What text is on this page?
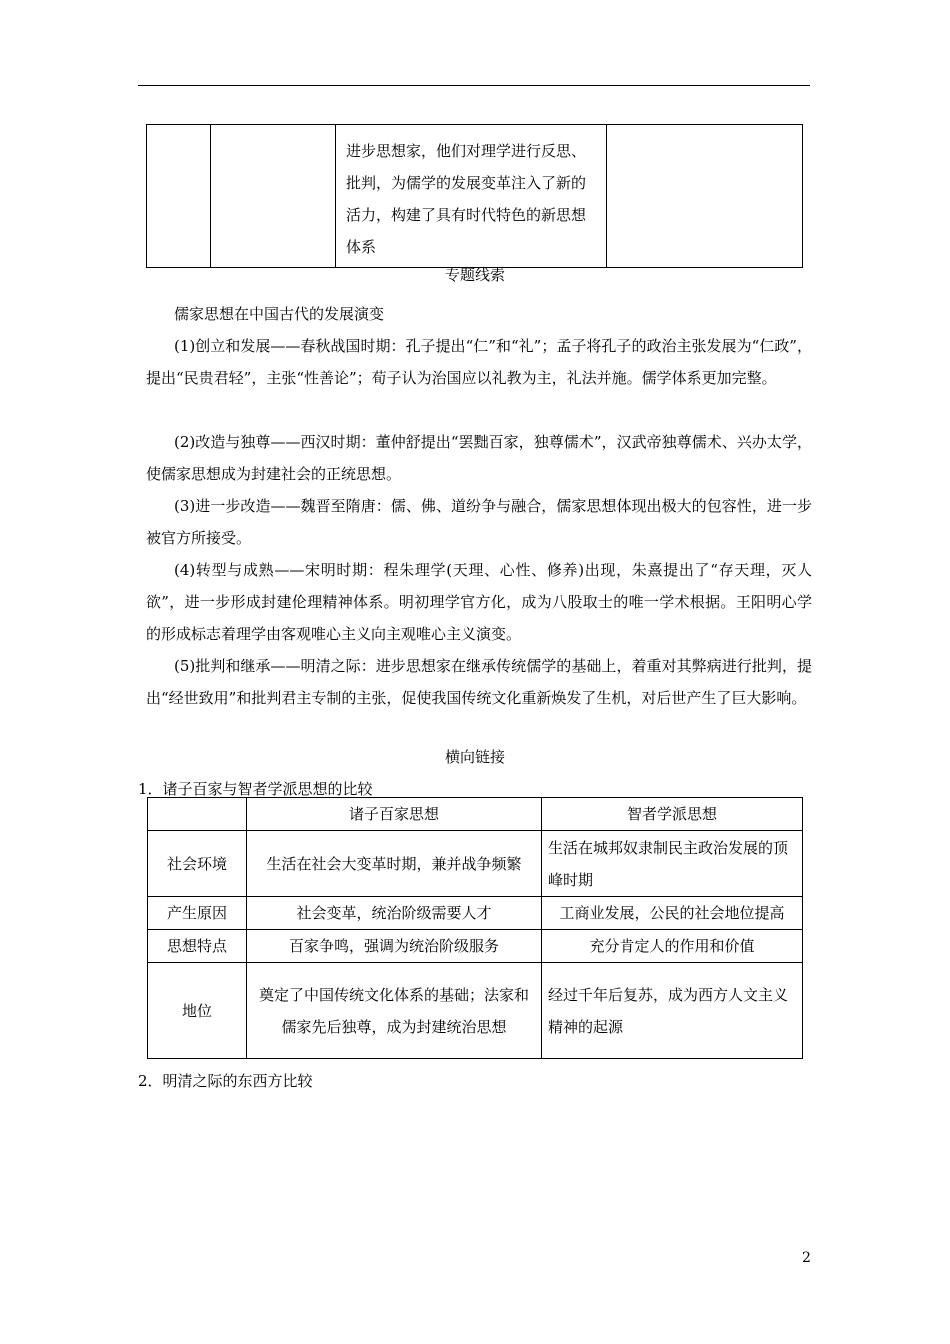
进步思想家，他们对理学进行反思、批判，为儒学的发展变革注入了新的活力，构建了具有时代特色的新思想体系

专题线索
儒家思想在中国古代的发展演变
(1)创立和发展——春秋战国时期：孔子提出“仁”和“礼”；孟子将孔子的政治主张发展为“仁政”，提出“民贵君轻”，主张“性善论”；荀子认为治国应以礼教为主，礼法并施。儒学体系更加完整。
(2)改造与独尊——西汉时期：董仲舒提出“罢黜百家，独尊儒术”，汉武帝独尊儒术、兴办太学，使儒家思想成为封建社会的正统思想。
(3)进一步改造——魏晋至隋唐：儒、佛、道纷争与融合，儒家思想体现出极大的包容性，进一步被官方所接受。
(4)转型与成熟——宋明时期：程朱理学(天理、心性、修养)出现，朱熹提出了“存天理，灭人欲”，进一步形成封建伦理精神体系。明初理学官方化，成为八股取士的唯一学术根据。王阳明心学的形成标志着理学由客观唯心主义向主观唯心主义演变。
(5)批判和继承——明清之际：进步思想家在继承传统儒学的基础上，着重对其弊病进行批判，提出“经世致用”和批判君主专制的主张，促使我国传统文化重新焕发了生机，对后世产生了巨大影响。
横向链接
1．诸子百家与智者学派思想的比较
	诸子百家思想	智者学派思想
社会环境	生活在社会大变革时期，兼并战争频繁	生活在城邦奴隶制民主政治发展的顶峰时期
产生原因	社会变革，统治阶级需要人才	工商业发展，公民的社会地位提高
思想特点	百家争鸣，强调为统治阶级服务	充分肯定人的作用和价值
地位	奠定了中国传统文化体系的基础；法家和儒家先后独尊，成为封建统治思想	经过千年后复苏，成为西方人文主义精神的起源
2．明清之际的东西方比较
2
